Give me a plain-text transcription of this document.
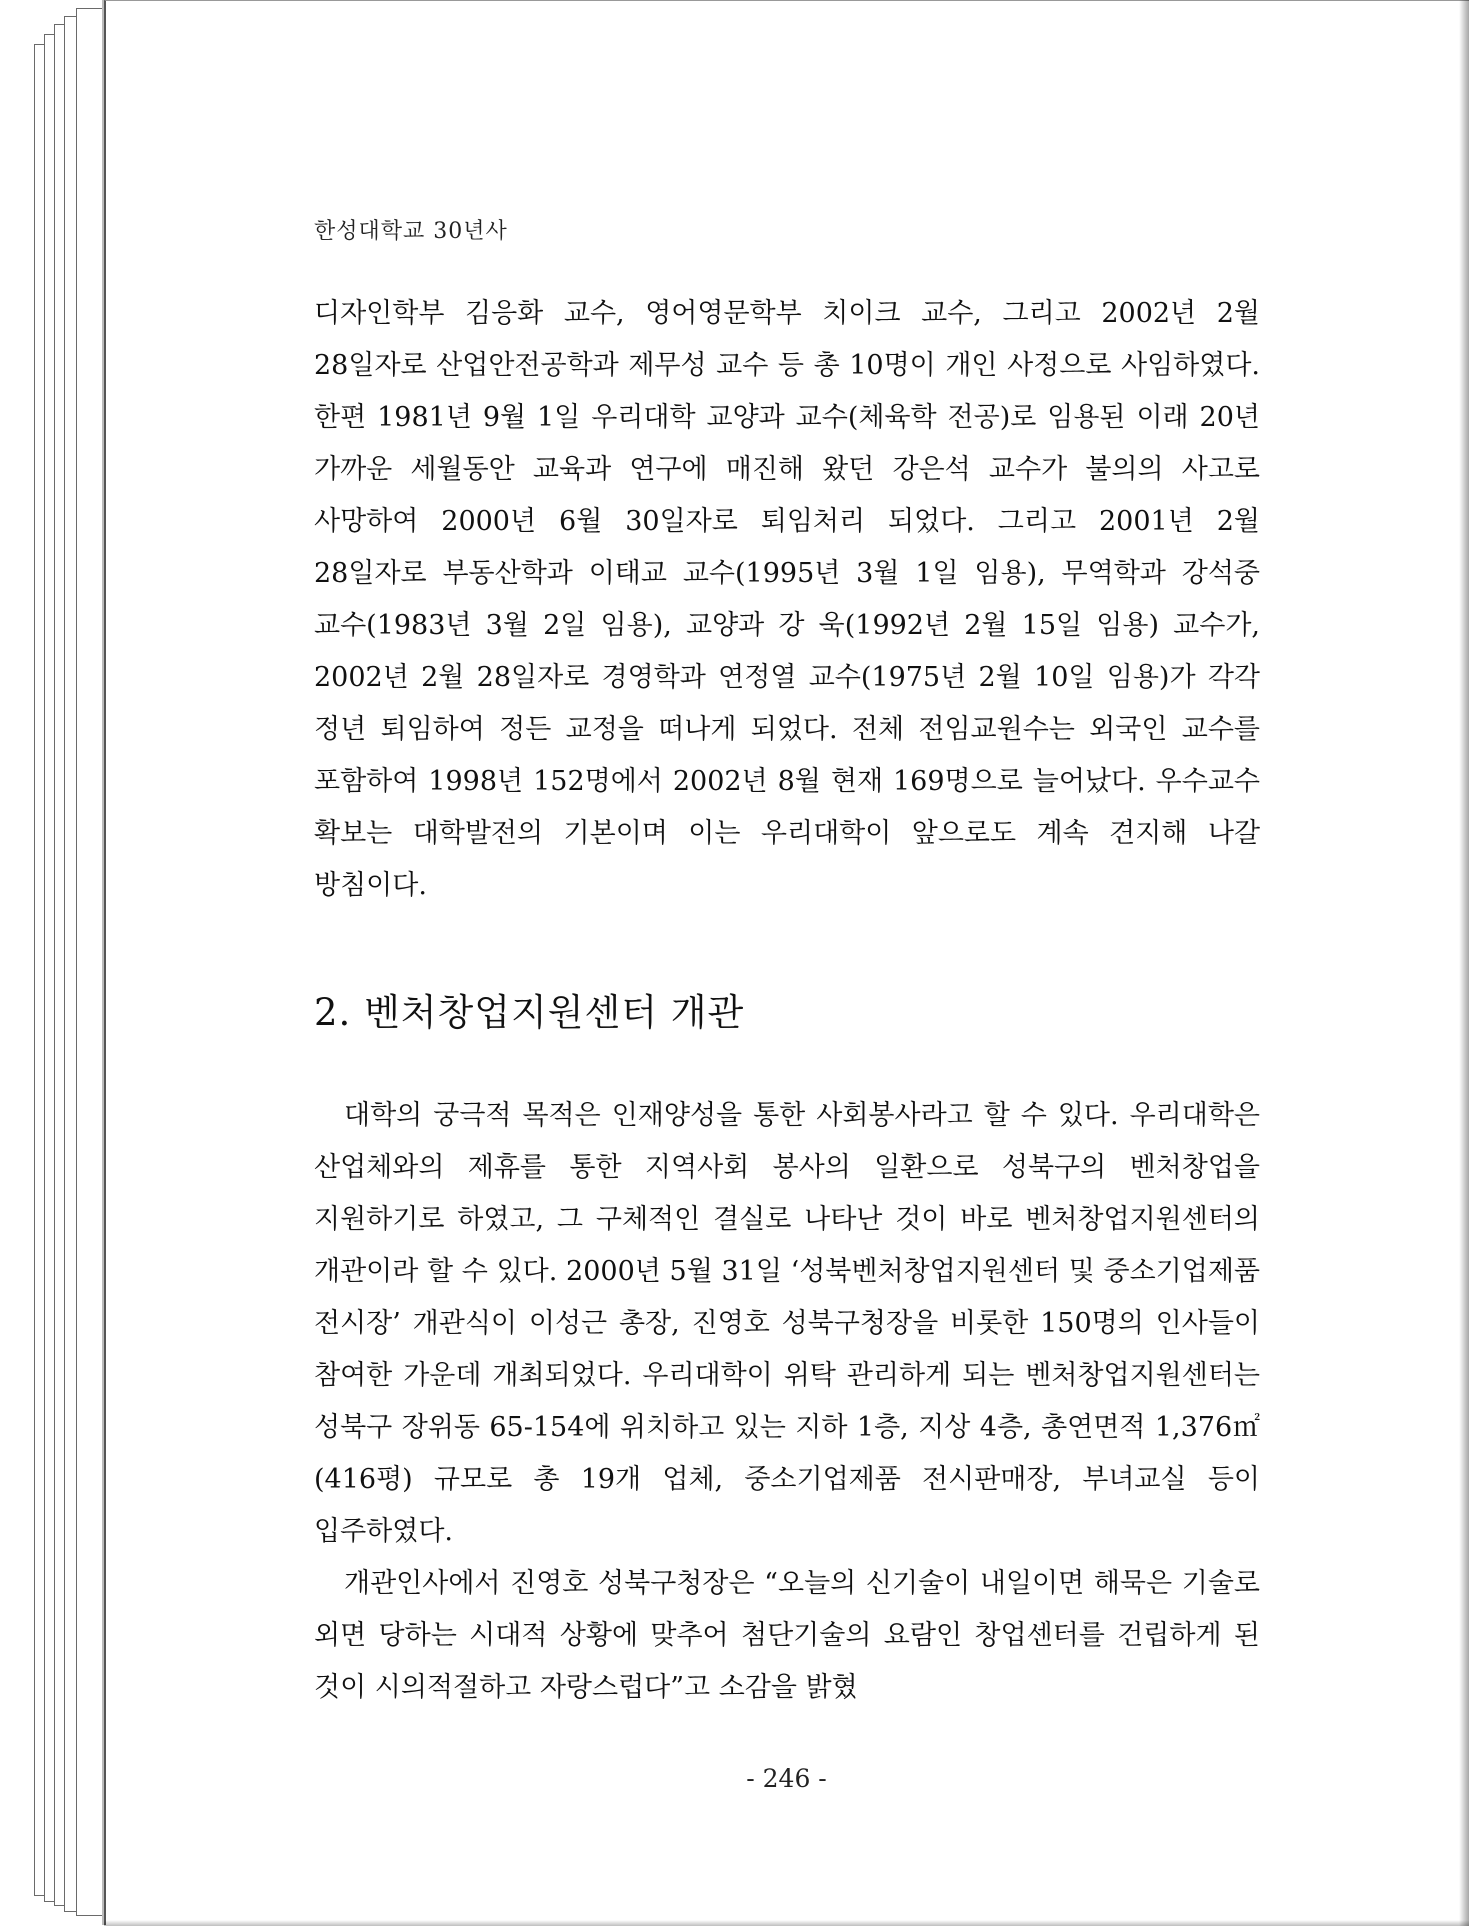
한성대학교 30년사

디자인학부 김응화 교수, 영어영문학부 치이크 교수, 그리고 2002년 2월 28일자로 산업안전공학과 제무성 교수 등 총 10명이 개인 사정으로 사임하였다. 한편 1981년 9월 1일 우리대학 교양과 교수(체육학 전공)로 임용된 이래 20년 가까운 세월동안 교육과 연구에 매진해 왔던 강은석 교수가 불의의 사고로 사망하여 2000년 6월 30일자로 퇴임처리 되었다. 그리고 2001년 2월 28일자로 부동산학과 이태교 교수(1995년 3월 1일 임용), 무역학과 강석중 교수(1983년 3월 2일 임용), 교양과 강 욱(1992년 2월 15일 임용) 교수가, 2002년 2월 28일자로 경영학과 연정열 교수(1975년 2월 10일 임용)가 각각 정년 퇴임하여 정든 교정을 떠나게 되었다. 전체 전임교원수는 외국인 교수를 포함하여 1998년 152명에서 2002년 8월 현재 169명으로 늘어났다. 우수교수 확보는 대학발전의 기본이며 이는 우리대학이 앞으로도 계속 견지해 나갈 방침이다.

2. 벤처창업지원센터 개관

대학의 궁극적 목적은 인재양성을 통한 사회봉사라고 할 수 있다. 우리대학은 산업체와의 제휴를 통한 지역사회 봉사의 일환으로 성북구의 벤처창업을 지원하기로 하였고, 그 구체적인 결실로 나타난 것이 바로 벤처창업지원센터의 개관이라 할 수 있다. 2000년 5월 31일 ‘성북벤처창업지원센터 및 중소기업제품 전시장’ 개관식이 이성근 총장, 진영호 성북구청장을 비롯한 150명의 인사들이 참여한 가운데 개최되었다. 우리대학이 위탁 관리하게 되는 벤처창업지원센터는 성북구 장위동 65-154에 위치하고 있는 지하 1층, 지상 4층, 총연면적 1,376㎡(416평) 규모로 총 19개 업체, 중소기업제품 전시판매장, 부녀교실 등이 입주하였다.

개관인사에서 진영호 성북구청장은 “오늘의 신기술이 내일이면 해묵은 기술로 외면 당하는 시대적 상황에 맞추어 첨단기술의 요람인 창업센터를 건립하게 된 것이 시의적절하고 자랑스럽다”고 소감을 밝혔

- 246 -
